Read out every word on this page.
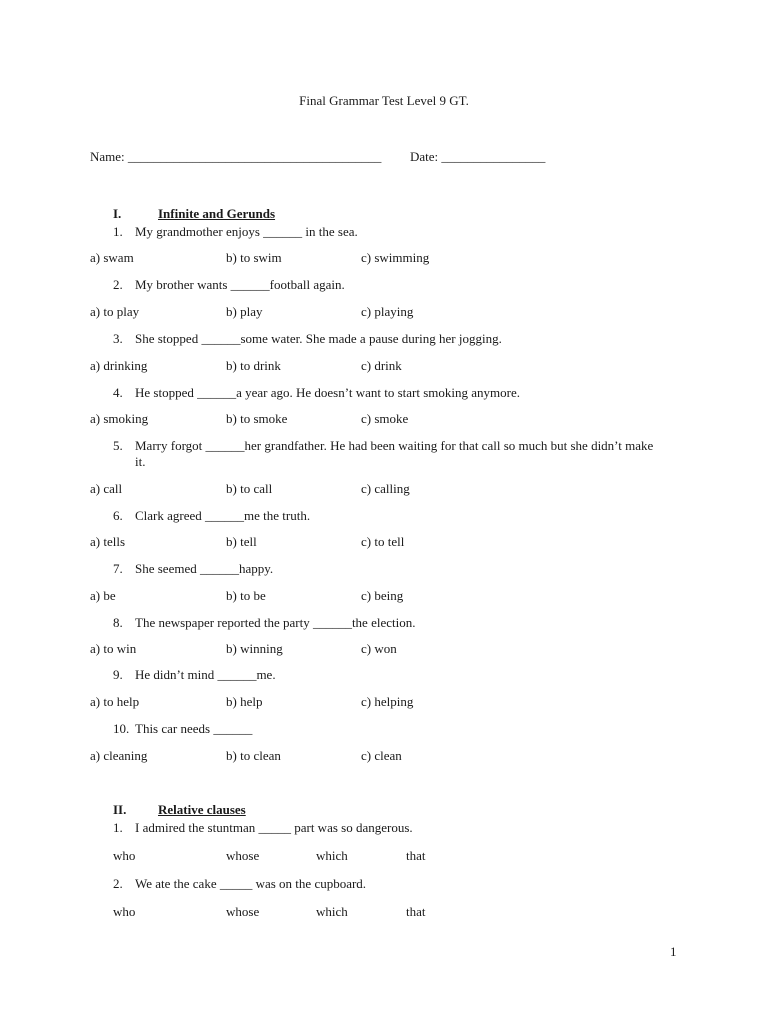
Final Grammar Test Level 9 GT.
Name: _______________________________________ Date: ________________
I.	Infinite and Gerunds
1. My grandmother enjoys ______ in the sea.
a) swam	b) to swim	c) swimming
2. My brother wants ______football again.
a) to play	b) play	c) playing
3. She stopped ______some water. She made a pause during her jogging.
a) drinking	b) to drink	c) drink
4. He stopped ______a year ago. He doesn’t want to start smoking anymore.
a) smoking	b) to smoke	c) smoke
5. Marry forgot ______her grandfather. He had been waiting for that call so much but she didn’t make it.
a) call	b) to call	c) calling
6. Clark agreed ______me the truth.
a) tells	b) tell	c) to tell
7. She seemed ______happy.
a) be	b) to be	c) being
8. The newspaper reported the party ______the election.
a) to win	b) winning	c) won
9. He didn’t mind ______me.
a) to help	b) help	c) helping
10. This car needs ______
a) cleaning	b) to clean	c) clean
II. Relative clauses
1. I admired the stuntman _____ part was so dangerous.
who	whose	which	that
2. We ate the cake _____ was on the cupboard.
who	whose	which	that
1
